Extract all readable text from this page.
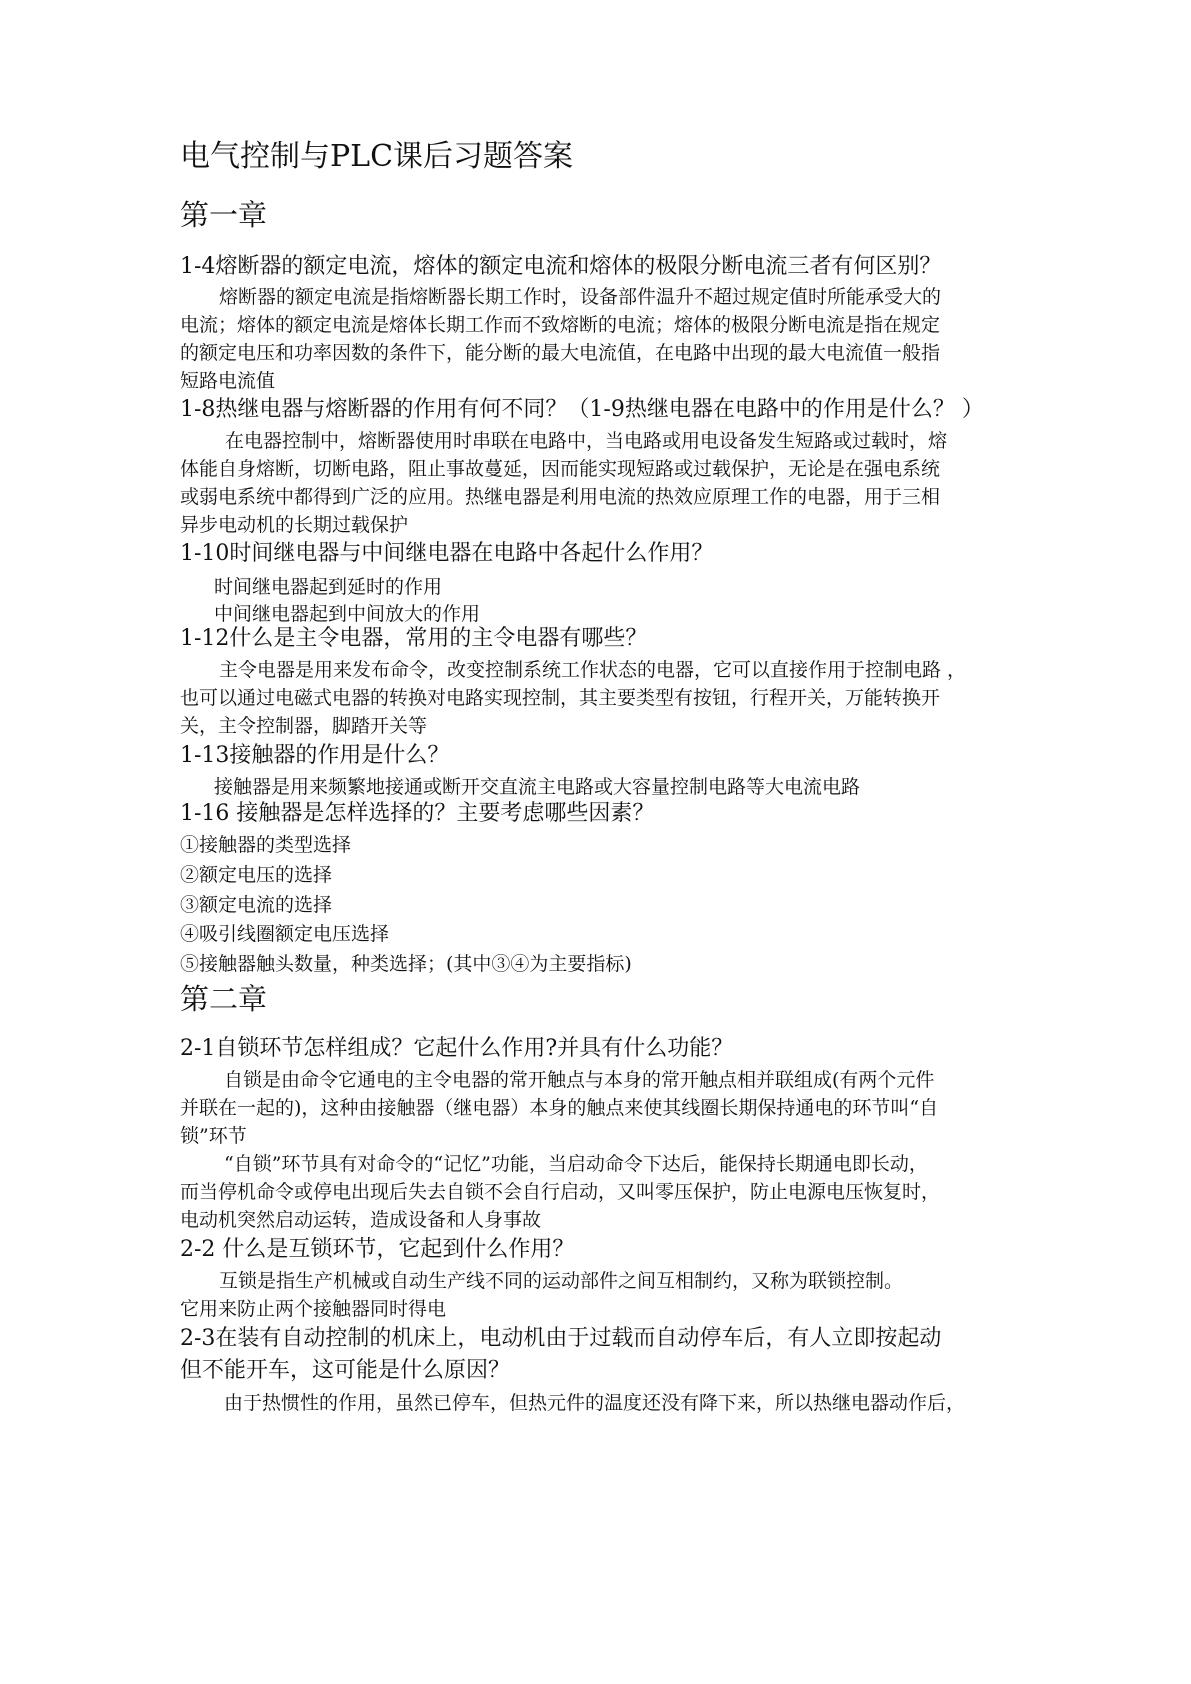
电气控制与PLC课后习题答案

第一章

1-4熔断器的额定电流，熔体的额定电流和熔体的极限分断电流三者有何区别？

熔断器的额定电流是指熔断器长期工作时，设备部件温升不超过规定值时所能承受大的

电流；熔体的额定电流是熔体长期工作而不致熔断的电流；熔体的极限分断电流是指在规定

的额定电压和功率因数的条件下，能分断的最大电流值，在电路中出现的最大电流值一般指

短路电流值

1-8热继电器与熔断器的作用有何不同？（1-9热继电器在电路中的作用是什么？ ）

在电器控制中，熔断器使用时串联在电路中，当电路或用电设备发生短路或过载时，熔

体能自身熔断，切断电路，阻止事故蔓延，因而能实现短路或过载保护，无论是在强电系统

或弱电系统中都得到广泛的应用。热继电器是利用电流的热效应原理工作的电器，用于三相

异步电动机的长期过载保护

1-10时间继电器与中间继电器在电路中各起什么作用？

时间继电器起到延时的作用

中间继电器起到中间放大的作用

1-12什么是主令电器，常用的主令电器有哪些？

主令电器是用来发布命令，改变控制系统工作状态的电器，它可以直接作用于控制电路 ，

也可以通过电磁式电器的转换对电路实现控制，其主要类型有按钮，行程开关，万能转换开

关，主令控制器，脚踏开关等

1-13接触器的作用是什么？

接触器是用来频繁地接通或断开交直流主电路或大容量控制电路等大电流电路

1-16 接触器是怎样选择的？主要考虑哪些因素？

①接触器的类型选择

②额定电压的选择

③额定电流的选择

④吸引线圈额定电压选择

⑤接触器触头数量，种类选择；(其中③④为主要指标)

第二章

2-1自锁环节怎样组成？它起什么作用?并具有什么功能？

自锁是由命令它通电的主令电器的常开触点与本身的常开触点相并联组成(有两个元件

并联在一起的)，这种由接触器（继电器）本身的触点来使其线圈长期保持通电的环节叫“自

锁”环节

“自锁”环节具有对命令的“记忆”功能，当启动命令下达后，能保持长期通电即长动，

而当停机命令或停电出现后失去自锁不会自行启动，又叫零压保护，防止电源电压恢复时，

电动机突然启动运转，造成设备和人身事故

2-2 什么是互锁环节，它起到什么作用？

互锁是指生产机械或自动生产线不同的运动部件之间互相制约，又称为联锁控制。

它用来防止两个接触器同时得电

2-3在装有自动控制的机床上，电动机由于过载而自动停车后，有人立即按起动

但不能开车，这可能是什么原因？

由于热惯性的作用，虽然已停车，但热元件的温度还没有降下来，所以热继电器动作后，
